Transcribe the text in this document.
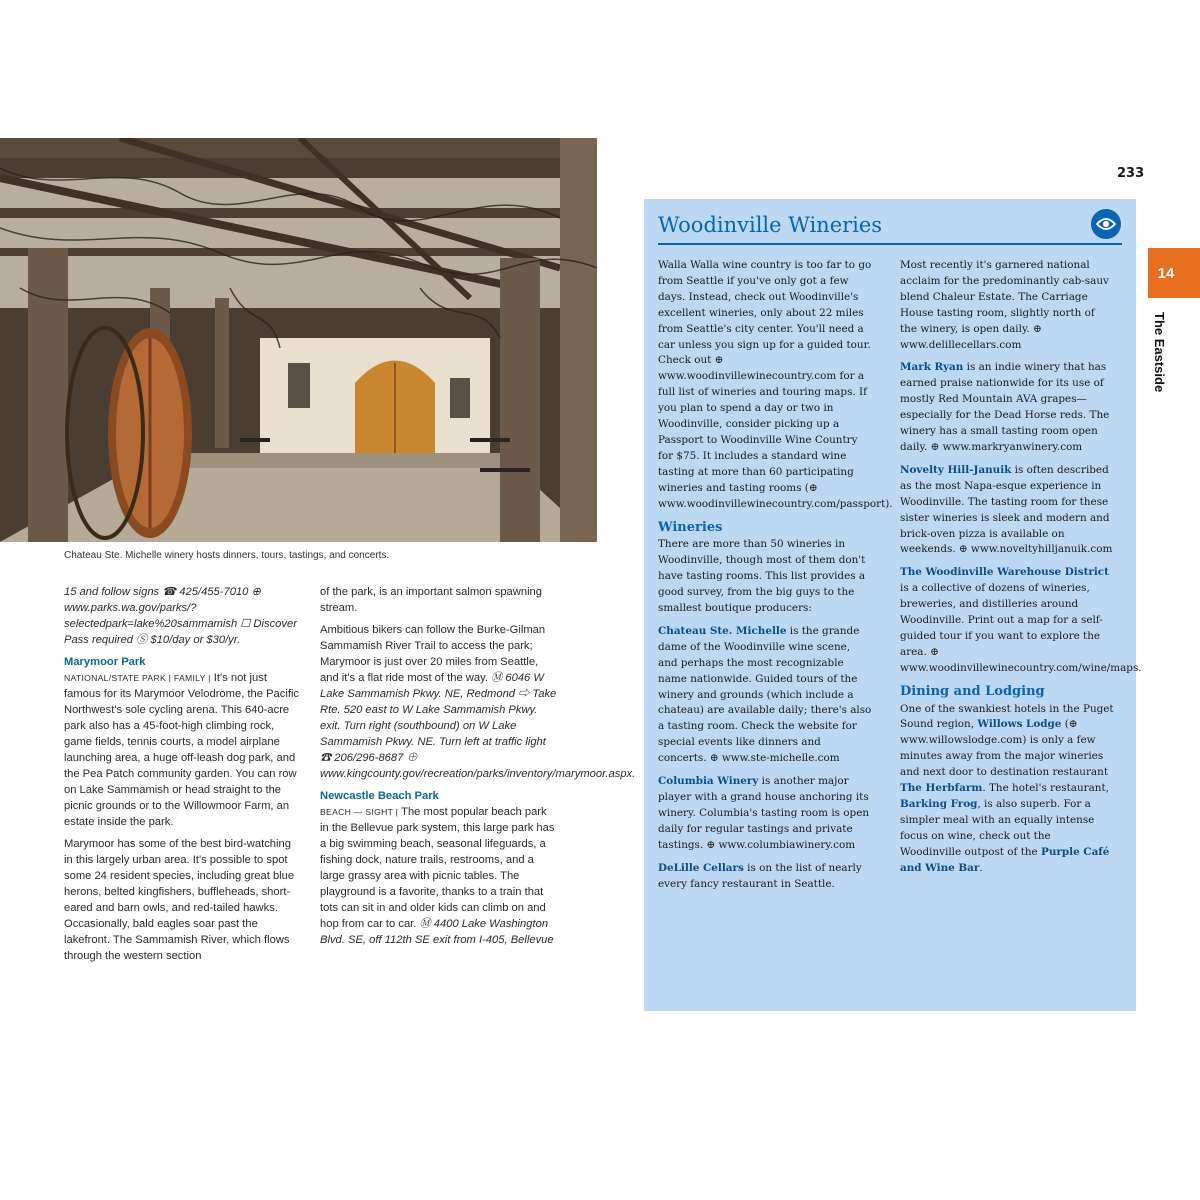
Chateau Ste. Michelle winery hosts dinners, tours, tastings, and concerts.

15 and follow signs ☎ 425/455-7010 ⊕ www.parks.wa.gov/parks/?selectedpark=lake%20sammamish ☐ Discover Pass required Ⓢ $10/day or $30/yr.

Marymoor Park

NATIONAL/STATE PARK | FAMILY | It's not just famous for its Marymoor Velodrome, the Pacific Northwest's sole cycling arena. This 640-acre park also has a 45-foot-high climbing rock, game fields, tennis courts, a model airplane launching area, a huge off-leash dog park, and the Pea Patch community garden. You can row on Lake Sammamish or head straight to the picnic grounds or to the Willowmoor Farm, an estate inside the park.

Marymoor has some of the best bird-watching in this largely urban area. It's possible to spot some 24 resident species, including great blue herons, belted kingfishers, buffleheads, short-eared and barn owls, and red-tailed hawks. Occasionally, bald eagles soar past the lakefront. The Sammamish River, which flows through the western section

of the park, is an important salmon spawning stream.

Ambitious bikers can follow the Burke-Gilman Sammamish River Trail to access the park; Marymoor is just over 20 miles from Seattle, and it's a flat ride most of the way. Ⓜ 6046 W Lake Sammamish Pkwy. NE, Redmond ⇨ Take Rte. 520 east to W Lake Sammamish Pkwy. exit. Turn right (southbound) on W Lake Sammamish Pkwy. NE. Turn left at traffic light ☎ 206/296-8687 ⊕ www.kingcounty.gov/recreation/parks/inventory/marymoor.aspx.

Newcastle Beach Park

BEACH — SIGHT | The most popular beach park in the Bellevue park system, this large park has a big swimming beach, seasonal lifeguards, a fishing dock, nature trails, restrooms, and a large grassy area with picnic tables. The playground is a favorite, thanks to a train that tots can sit in and older kids can climb on and hop from car to car. Ⓜ 4400 Lake Washington Blvd. SE, off 112th SE exit from I-405, Bellevue

233
14
The Eastside
Woodinville Wineries

Walla Walla wine country is too far to go from Seattle if you've only got a few days. Instead, check out Woodinville's excellent wineries, only about 22 miles from Seattle's city center. You'll need a car unless you sign up for a guided tour. Check out ⊕ www.woodinvillewinecountry.com for a full list of wineries and touring maps. If you plan to spend a day or two in Woodinville, consider picking up a Passport to Woodinville Wine Country for $75. It includes a standard wine tasting at more than 60 participating wineries and tasting rooms (⊕ www.woodinvillewinecountry.com/passport).

Wineries

There are more than 50 wineries in Woodinville, though most of them don't have tasting rooms. This list provides a good survey, from the big guys to the smallest boutique producers:

Chateau Ste. Michelle is the grande dame of the Woodinville wine scene, and perhaps the most recognizable name nationwide. Guided tours of the winery and grounds (which include a chateau) are available daily; there's also a tasting room. Check the website for special events like dinners and concerts. ⊕ www.ste-michelle.com

Columbia Winery is another major player with a grand house anchoring its winery. Columbia's tasting room is open daily for regular tastings and private tastings. ⊕ www.columbiawinery.com

DeLille Cellars is on the list of nearly every fancy restaurant in Seattle.

Most recently it's garnered national acclaim for the predominantly cab-sauv blend Chaleur Estate. The Carriage House tasting room, slightly north of the winery, is open daily. ⊕ www.delillecellars.com

Mark Ryan is an indie winery that has earned praise nationwide for its use of mostly Red Mountain AVA grapes—especially for the Dead Horse reds. The winery has a small tasting room open daily. ⊕ www.markryanwinery.com

Novelty Hill-Januik is often described as the most Napa-esque experience in Woodinville. The tasting room for these sister wineries is sleek and modern and brick-oven pizza is available on weekends. ⊕ www.noveltyhilljanuik.com

The Woodinville Warehouse District is a collective of dozens of wineries, breweries, and distilleries around Woodinville. Print out a map for a self-guided tour if you want to explore the area. ⊕ www.woodinvillewinecountry.com/wine/maps.

Dining and Lodging

One of the swankiest hotels in the Puget Sound region, Willows Lodge (⊕ www.willowslodge.com) is only a few minutes away from the major wineries and next door to destination restaurant The Herbfarm. The hotel's restaurant, Barking Frog, is also superb. For a simpler meal with an equally intense focus on wine, check out the Woodinville outpost of the Purple Café and Wine Bar.
